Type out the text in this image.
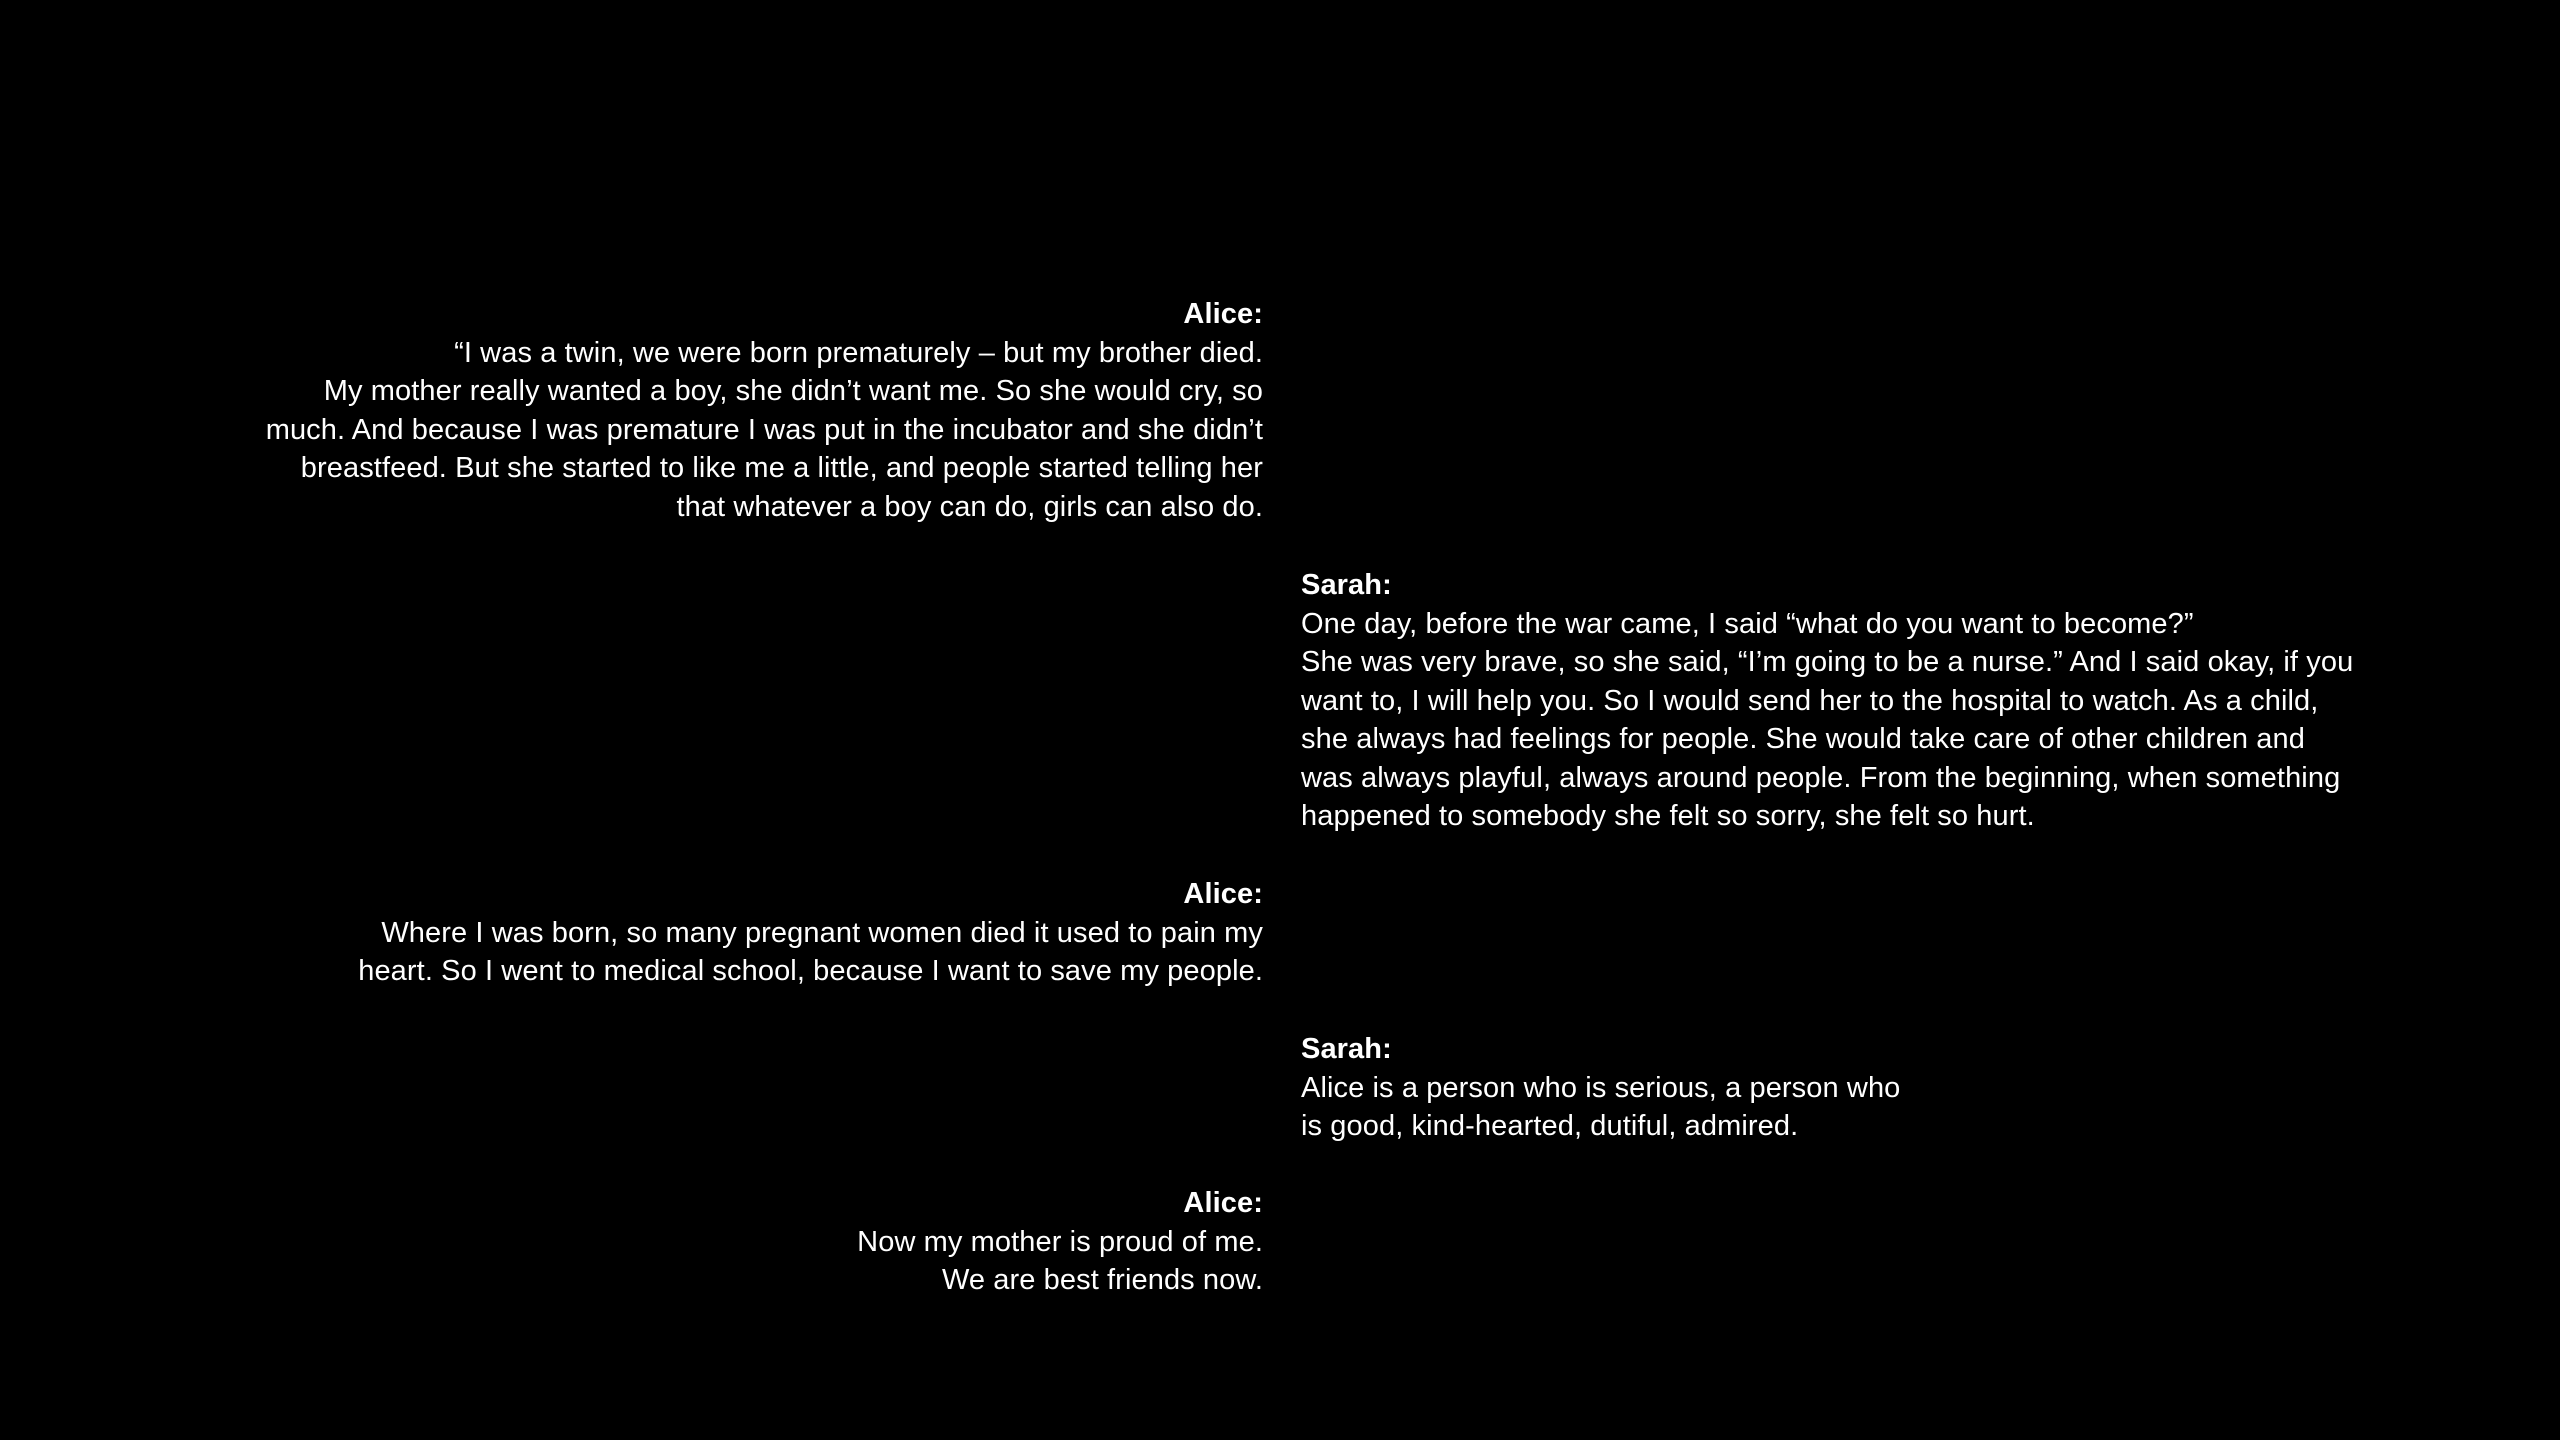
Alice:
“I was a twin, we were born prematurely – but my brother died.
My mother really wanted a boy, she didn’t want me. So she would cry, so
much. And because I was premature I was put in the incubator and she didn’t
breastfeed. But she started to like me a little, and people started telling her
that whatever a boy can do, girls can also do.
Sarah:
One day, before the war came, I said “what do you want to become?”
She was very brave, so she said, “I’m going to be a nurse.” And I said okay, if you
want to, I will help you. So I would send her to the hospital to watch. As a child,
she always had feelings for people. She would take care of other children and
was always playful, always around people. From the beginning, when something
happened to somebody she felt so sorry, she felt so hurt.
Alice:
Where I was born, so many pregnant women died it used to pain my
heart. So I went to medical school, because I want to save my people.
Sarah:
Alice is a person who is serious, a person who
is good, kind-hearted, dutiful, admired.
Alice:
Now my mother is proud of me.
We are best friends now.
